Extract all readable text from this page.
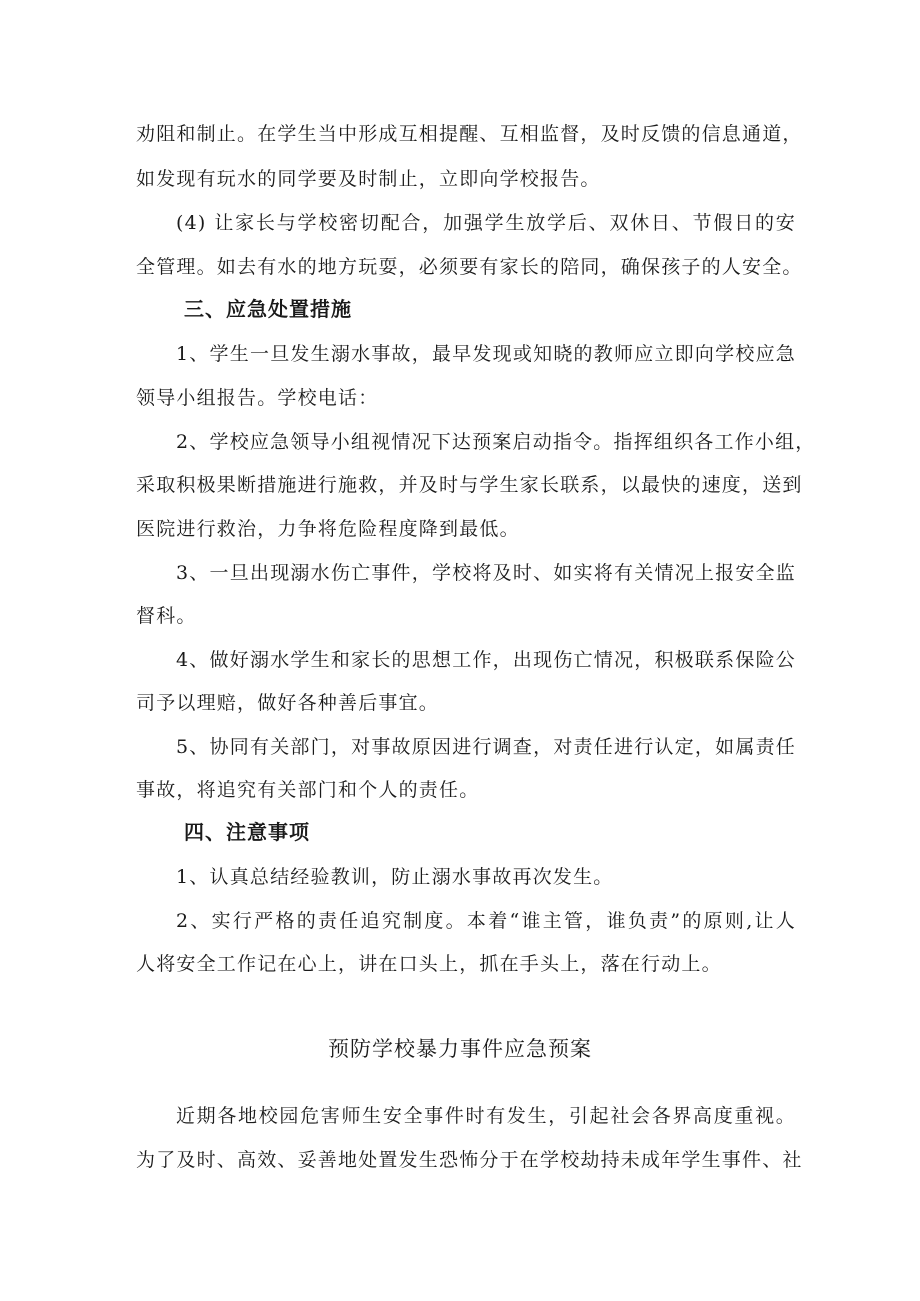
劝阻和制止。在学生当中形成互相提醒、互相监督，及时反馈的信息通道，
如发现有玩水的同学要及时制止，立即向学校报告。
(4) 让家长与学校密切配合，加强学生放学后、双休日、节假日的安
全管理。如去有水的地方玩耍，必须要有家长的陪同，确保孩子的人安全。
三、应急处置措施
1、学生一旦发生溺水事故，最早发现或知晓的教师应立即向学校应急
领导小组报告。学校电话：
2、学校应急领导小组视情况下达预案启动指令。指挥组织各工作小组，
采取积极果断措施进行施救，并及时与学生家长联系，以最快的速度，送到
医院进行救治，力争将危险程度降到最低。
3、一旦出现溺水伤亡事件，学校将及时、如实将有关情况上报安全监
督科。
4、做好溺水学生和家长的思想工作，出现伤亡情况，积极联系保险公
司予以理赔，做好各种善后事宜。
5、协同有关部门，对事故原因进行调查，对责任进行认定，如属责任
事故，将追究有关部门和个人的责任。
四、注意事项
1、认真总结经验教训，防止溺水事故再次发生。
2、实行严格的责任追究制度。本着“谁主管，谁负责”的原则,让人
人将安全工作记在心上，讲在口头上，抓在手头上，落在行动上。
预防学校暴力事件应急预案
近期各地校园危害师生安全事件时有发生，引起社会各界高度重视。
为了及时、高效、妥善地处置发生恐怖分于在学校劫持未成年学生事件、社
